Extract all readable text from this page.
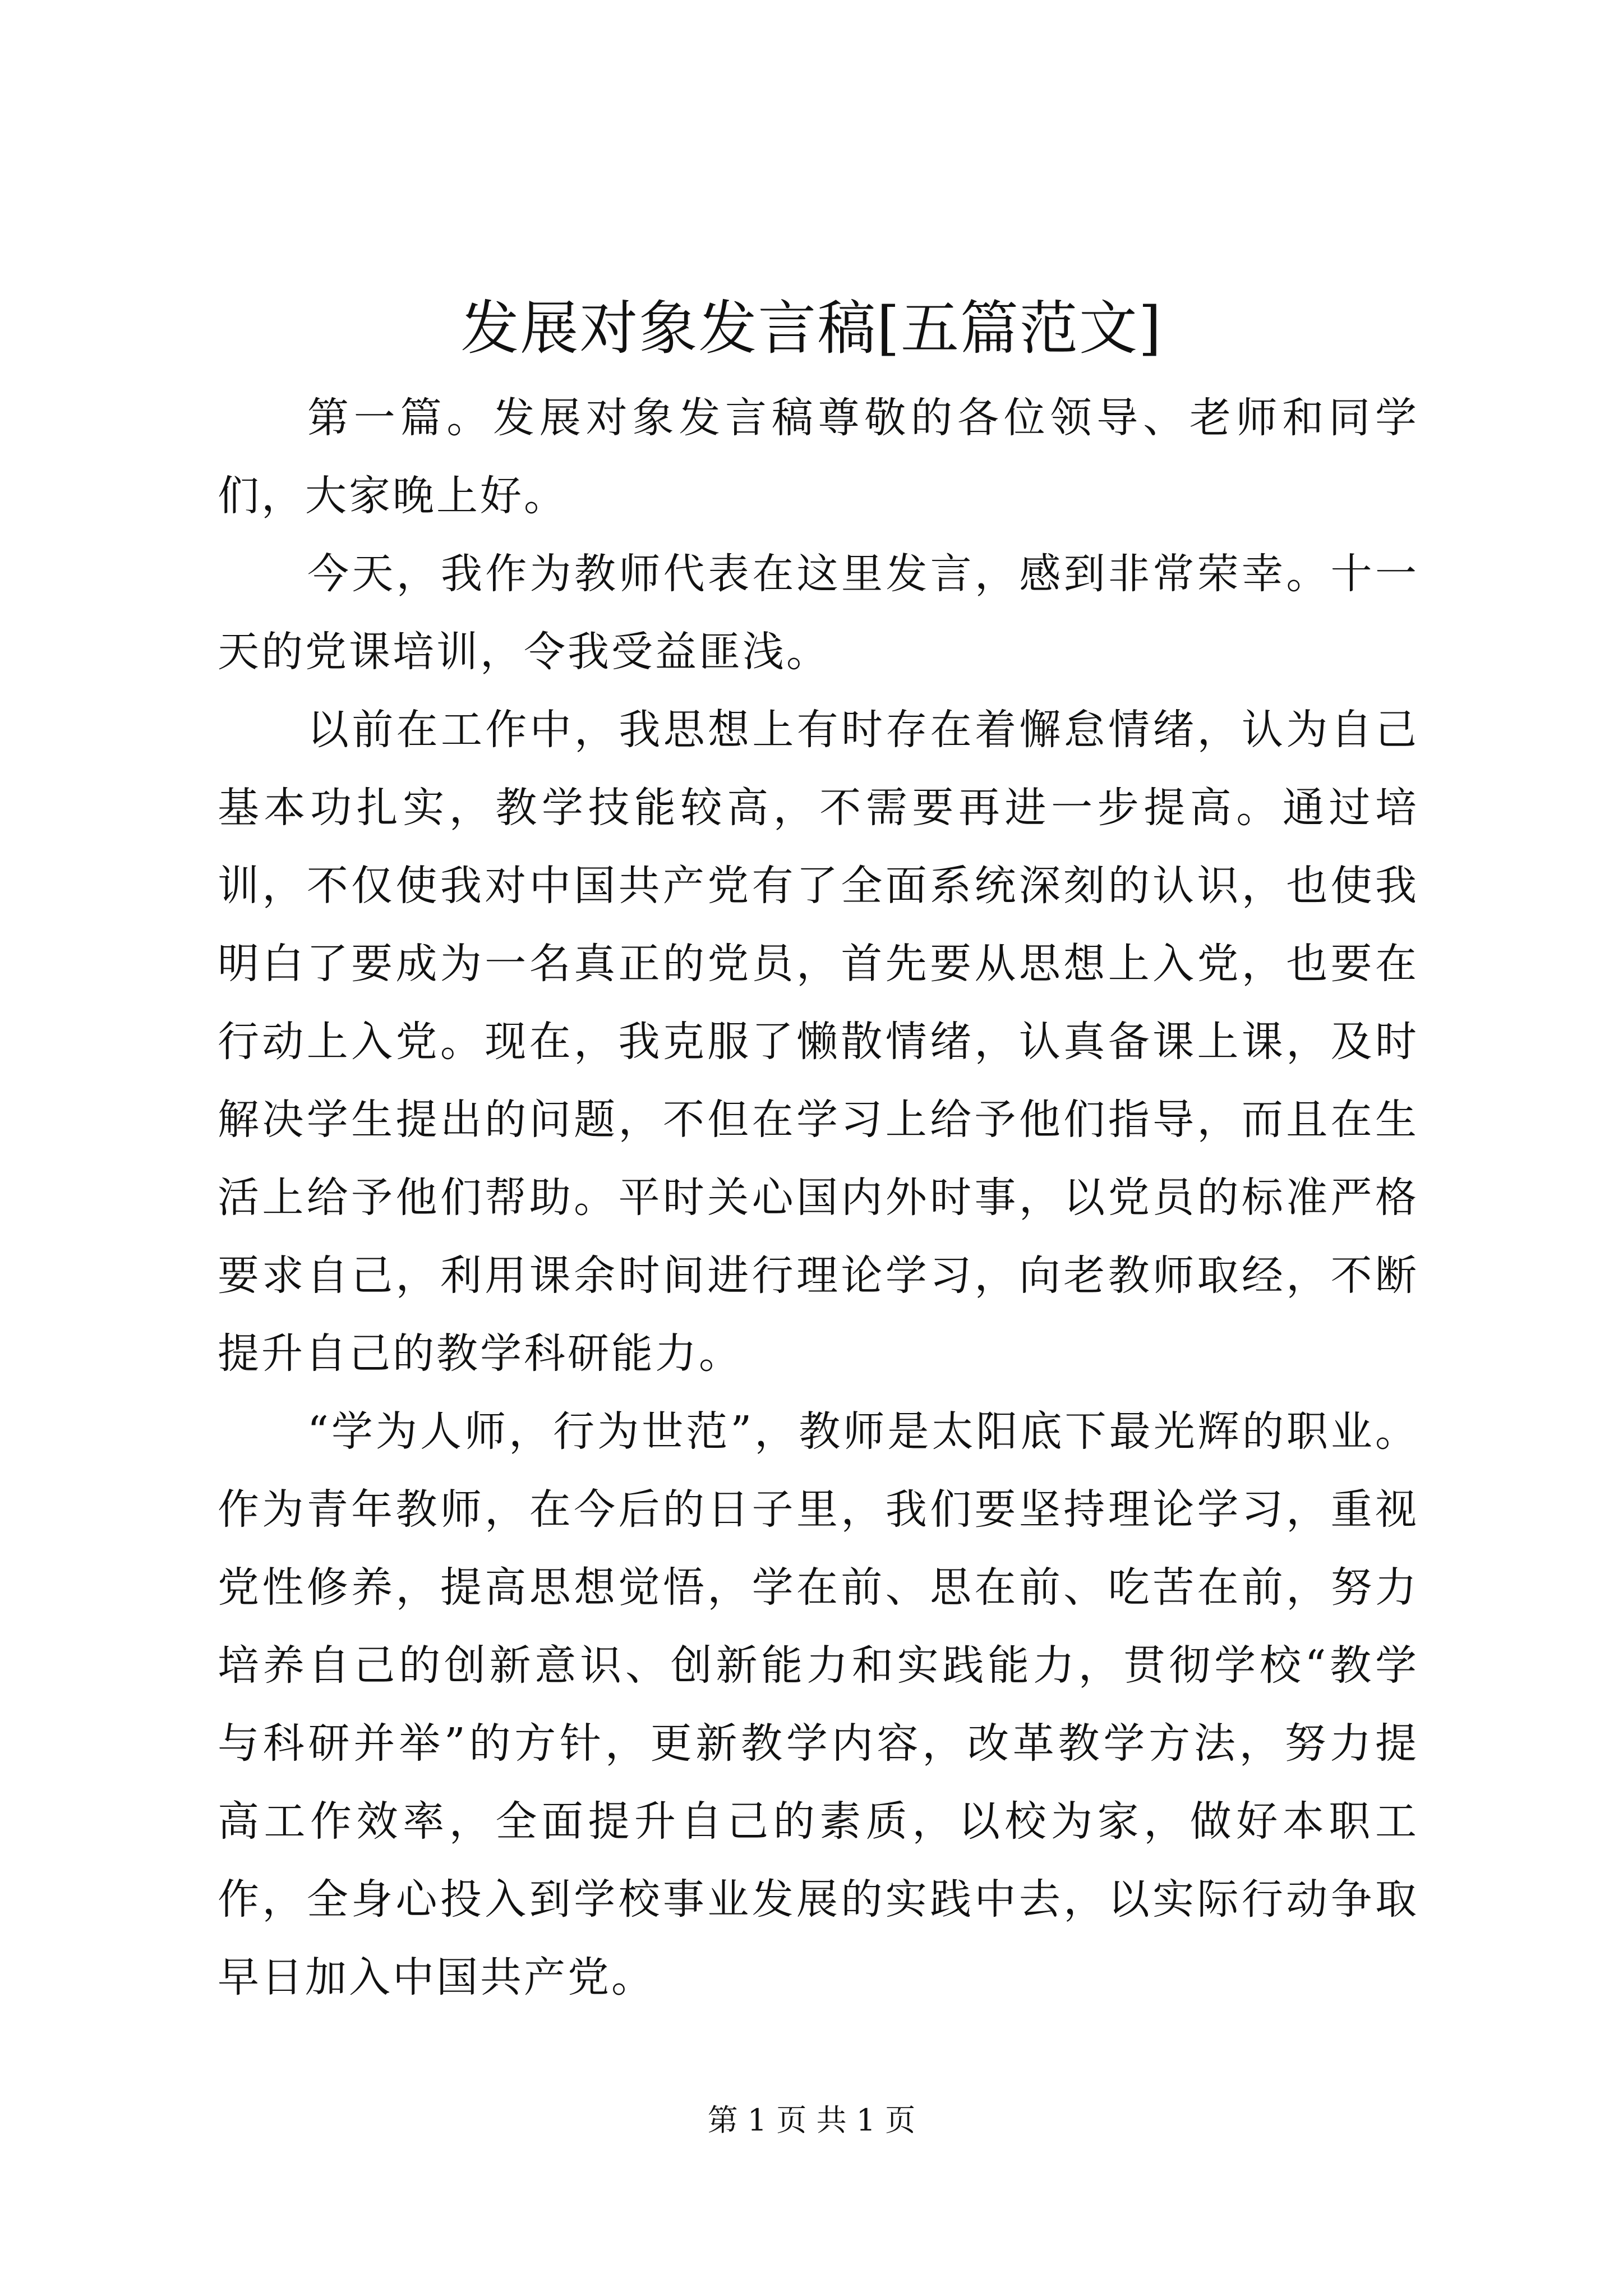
发展对象发言稿[五篇范文]

第一篇。发展对象发言稿尊敬的各位领导、老师和同学们，大家晚上好。

今天，我作为教师代表在这里发言，感到非常荣幸。十一天的党课培训，令我受益匪浅。

以前在工作中，我思想上有时存在着懈怠情绪，认为自己基本功扎实，教学技能较高，不需要再进一步提高。通过培训，不仅使我对中国共产党有了全面系统深刻的认识，也使我明白了要成为一名真正的党员，首先要从思想上入党，也要在行动上入党。现在，我克服了懒散情绪，认真备课上课，及时解决学生提出的问题，不但在学习上给予他们指导，而且在生活上给予他们帮助。平时关心国内外时事，以党员的标准严格要求自己，利用课余时间进行理论学习，向老教师取经，不断提升自己的教学科研能力。

“学为人师，行为世范”，教师是太阳底下最光辉的职业。作为青年教师，在今后的日子里，我们要坚持理论学习，重视党性修养，提高思想觉悟，学在前、思在前、吃苦在前，努力培养自己的创新意识、创新能力和实践能力，贯彻学校“教学与科研并举”的方针，更新教学内容，改革教学方法，努力提高工作效率，全面提升自己的素质，以校为家，做好本职工作，全身心投入到学校事业发展的实践中去，以实际行动争取早日加入中国共产党。

第 1 页 共 1 页
